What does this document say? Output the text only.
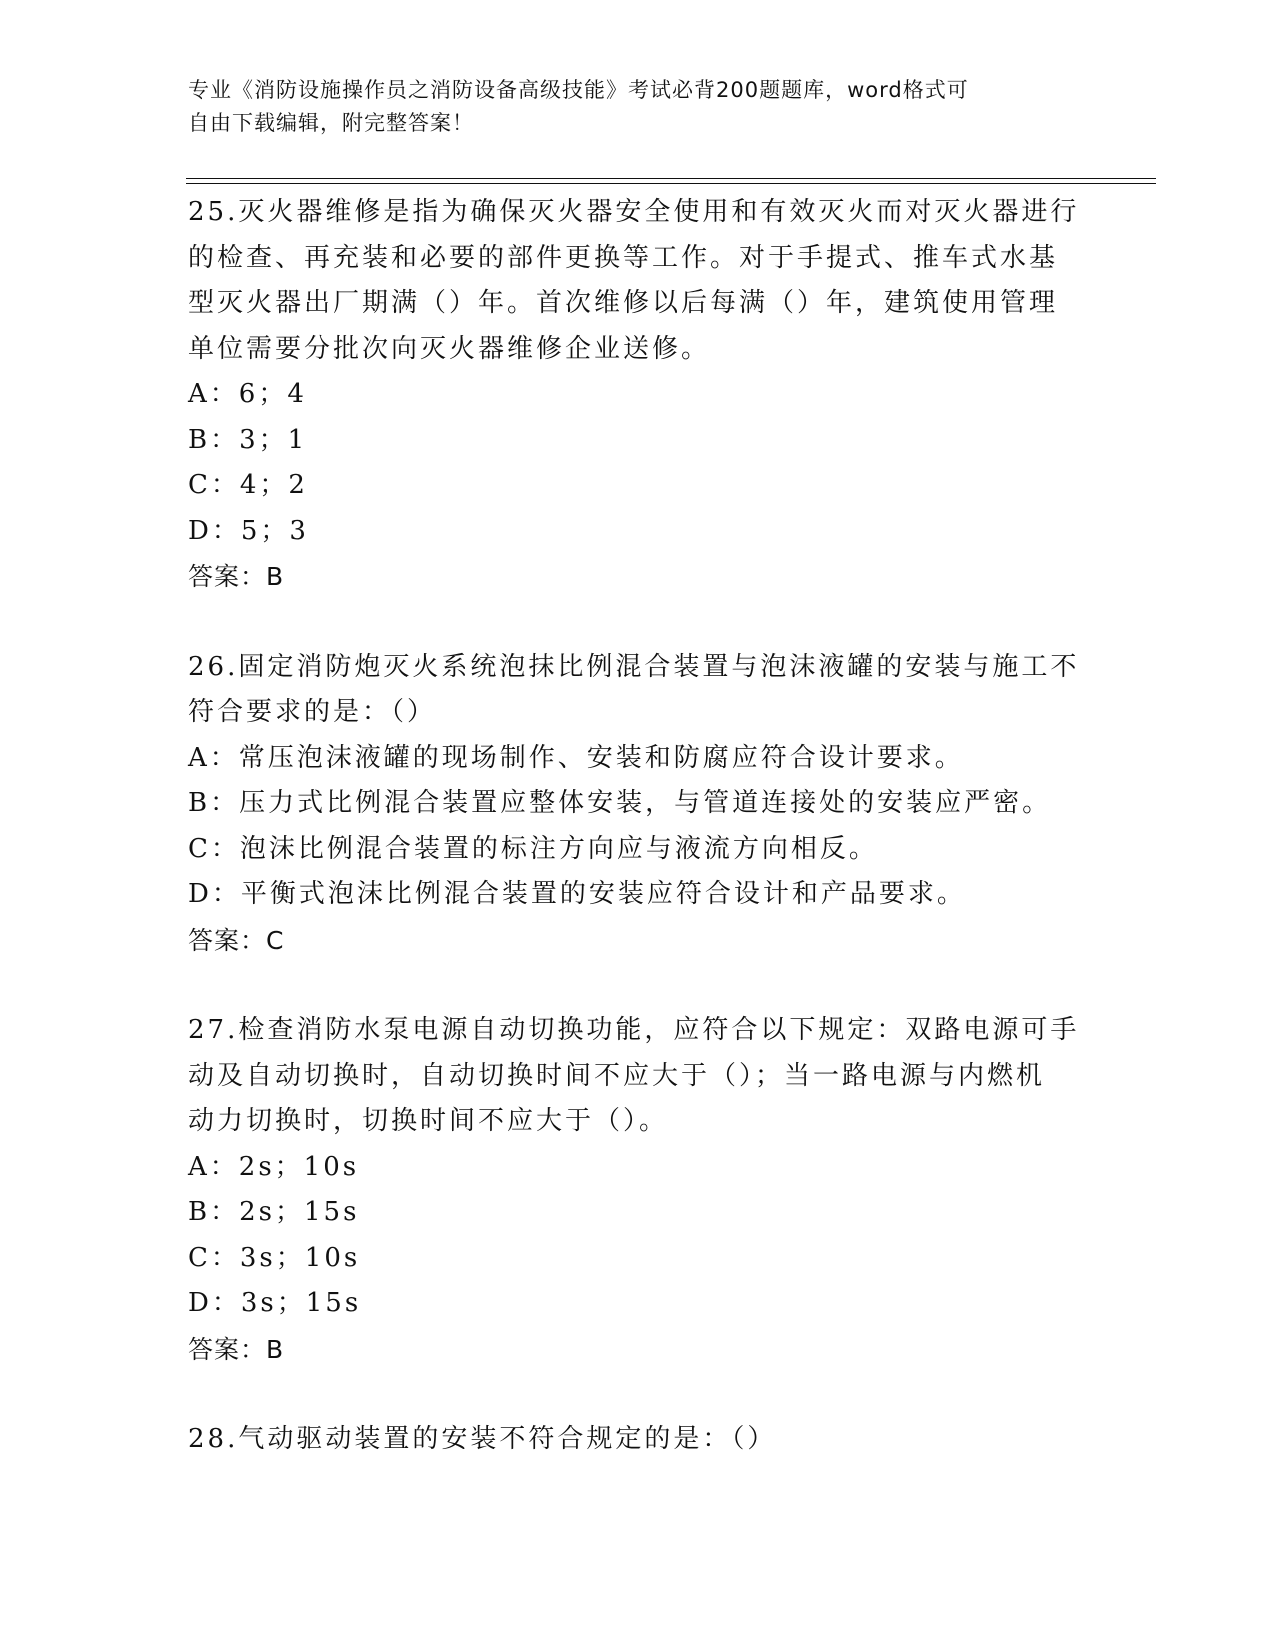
专业《消防设施操作员之消防设备高级技能》考试必背200题题库，word格式可
自由下载编辑，附完整答案！

25.灭火器维修是指为确保灭火器安全使用和有效灭火而对灭火器进行

的检查、再充装和必要的部件更换等工作。对于手提式、推车式水基

型灭火器出厂期满（）年。首次维修以后每满（）年，建筑使用管理

单位需要分批次向灭火器维修企业送修。

A：6；4

B：3；1

C：4；2

D：5；3

答案：B

26.固定消防炮灭火系统泡抹比例混合装置与泡沫液罐的安装与施工不

符合要求的是：（）

A：常压泡沫液罐的现场制作、安装和防腐应符合设计要求。

B：压力式比例混合装置应整体安装，与管道连接处的安装应严密。

C：泡沫比例混合装置的标注方向应与液流方向相反。

D：平衡式泡沫比例混合装置的安装应符合设计和产品要求。

答案：C

27.检查消防水泵电源自动切换功能，应符合以下规定：双路电源可手

动及自动切换时，自动切换时间不应大于（）；当一路电源与内燃机

动力切换时，切换时间不应大于（）。

A：2s；10s

B：2s；15s

C：3s；10s

D：3s；15s

答案：B

28.气动驱动装置的安装不符合规定的是：（）
